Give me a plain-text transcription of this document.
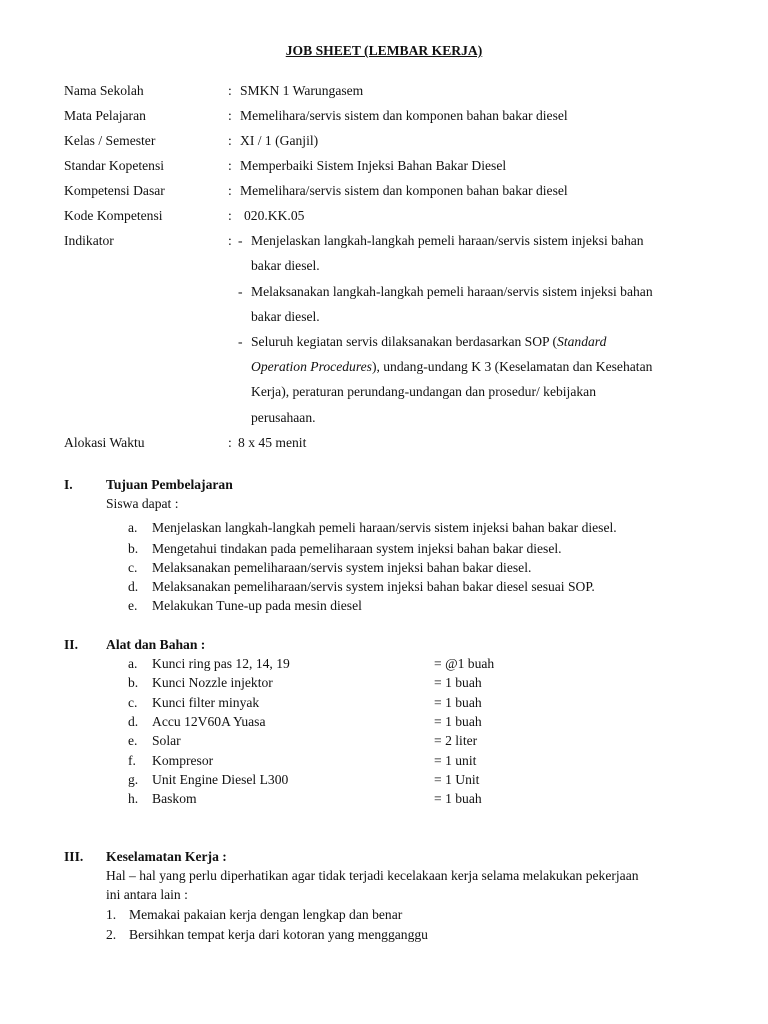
JOB SHEET (LEMBAR KERJA)
Nama Sekolah	: SMKN 1 Warungasem
Mata Pelajaran	: Memelihara/servis sistem dan komponen bahan bakar diesel
Kelas / Semester	: XI / 1 (Ganjil)
Standar Kopetensi	: Memperbaiki Sistem Injeksi Bahan Bakar Diesel
Kompetensi Dasar	: Memelihara/servis sistem dan komponen bahan bakar diesel
Kode Kompetensi	: 020.KK.05
Indikator	: - Menjelaskan langkah-langkah pemeli haraan/servis sistem injeksi bahan
bakar diesel.
- Melaksanakan langkah-langkah pemeli haraan/servis sistem injeksi bahan
bakar diesel.
- Seluruh kegiatan servis dilaksanakan berdasarkan SOP (Standard
Operation Procedures), undang-undang K 3 (Keselamatan dan Kesehatan
Kerja), peraturan perundang-undangan dan prosedur/ kebijakan
perusahaan.
Alokasi Waktu	: 8 x 45 menit
I. Tujuan Pembelajaran
Siswa dapat :
a. Menjelaskan langkah-langkah pemeli haraan/servis sistem injeksi bahan bakar diesel.
b. Mengetahui tindakan pada pemeliharaan system injeksi bahan bakar diesel.
c. Melaksanakan pemeliharaan/servis system injeksi bahan bakar diesel.
d. Melaksanakan pemeliharaan/servis system injeksi bahan bakar diesel sesuai SOP.
e. Melakukan Tune-up pada mesin diesel
II. Alat dan Bahan :
a. Kunci ring pas 12, 14, 19	= @1 buah
b. Kunci Nozzle injektor	= 1 buah
c. Kunci filter minyak	= 1 buah
d. Accu 12V60A Yuasa	= 1 buah
e. Solar	= 2 liter
f. Kompresor	= 1 unit
g. Unit Engine Diesel L300	= 1 Unit
h. Baskom	= 1 buah
III. Keselamatan Kerja :
Hal – hal yang perlu diperhatikan agar tidak terjadi kecelakaan kerja selama melakukan pekerjaan
ini antara lain :
1. Memakai pakaian kerja dengan lengkap dan benar
2. Bersihkan tempat kerja dari kotoran yang mengganggu
